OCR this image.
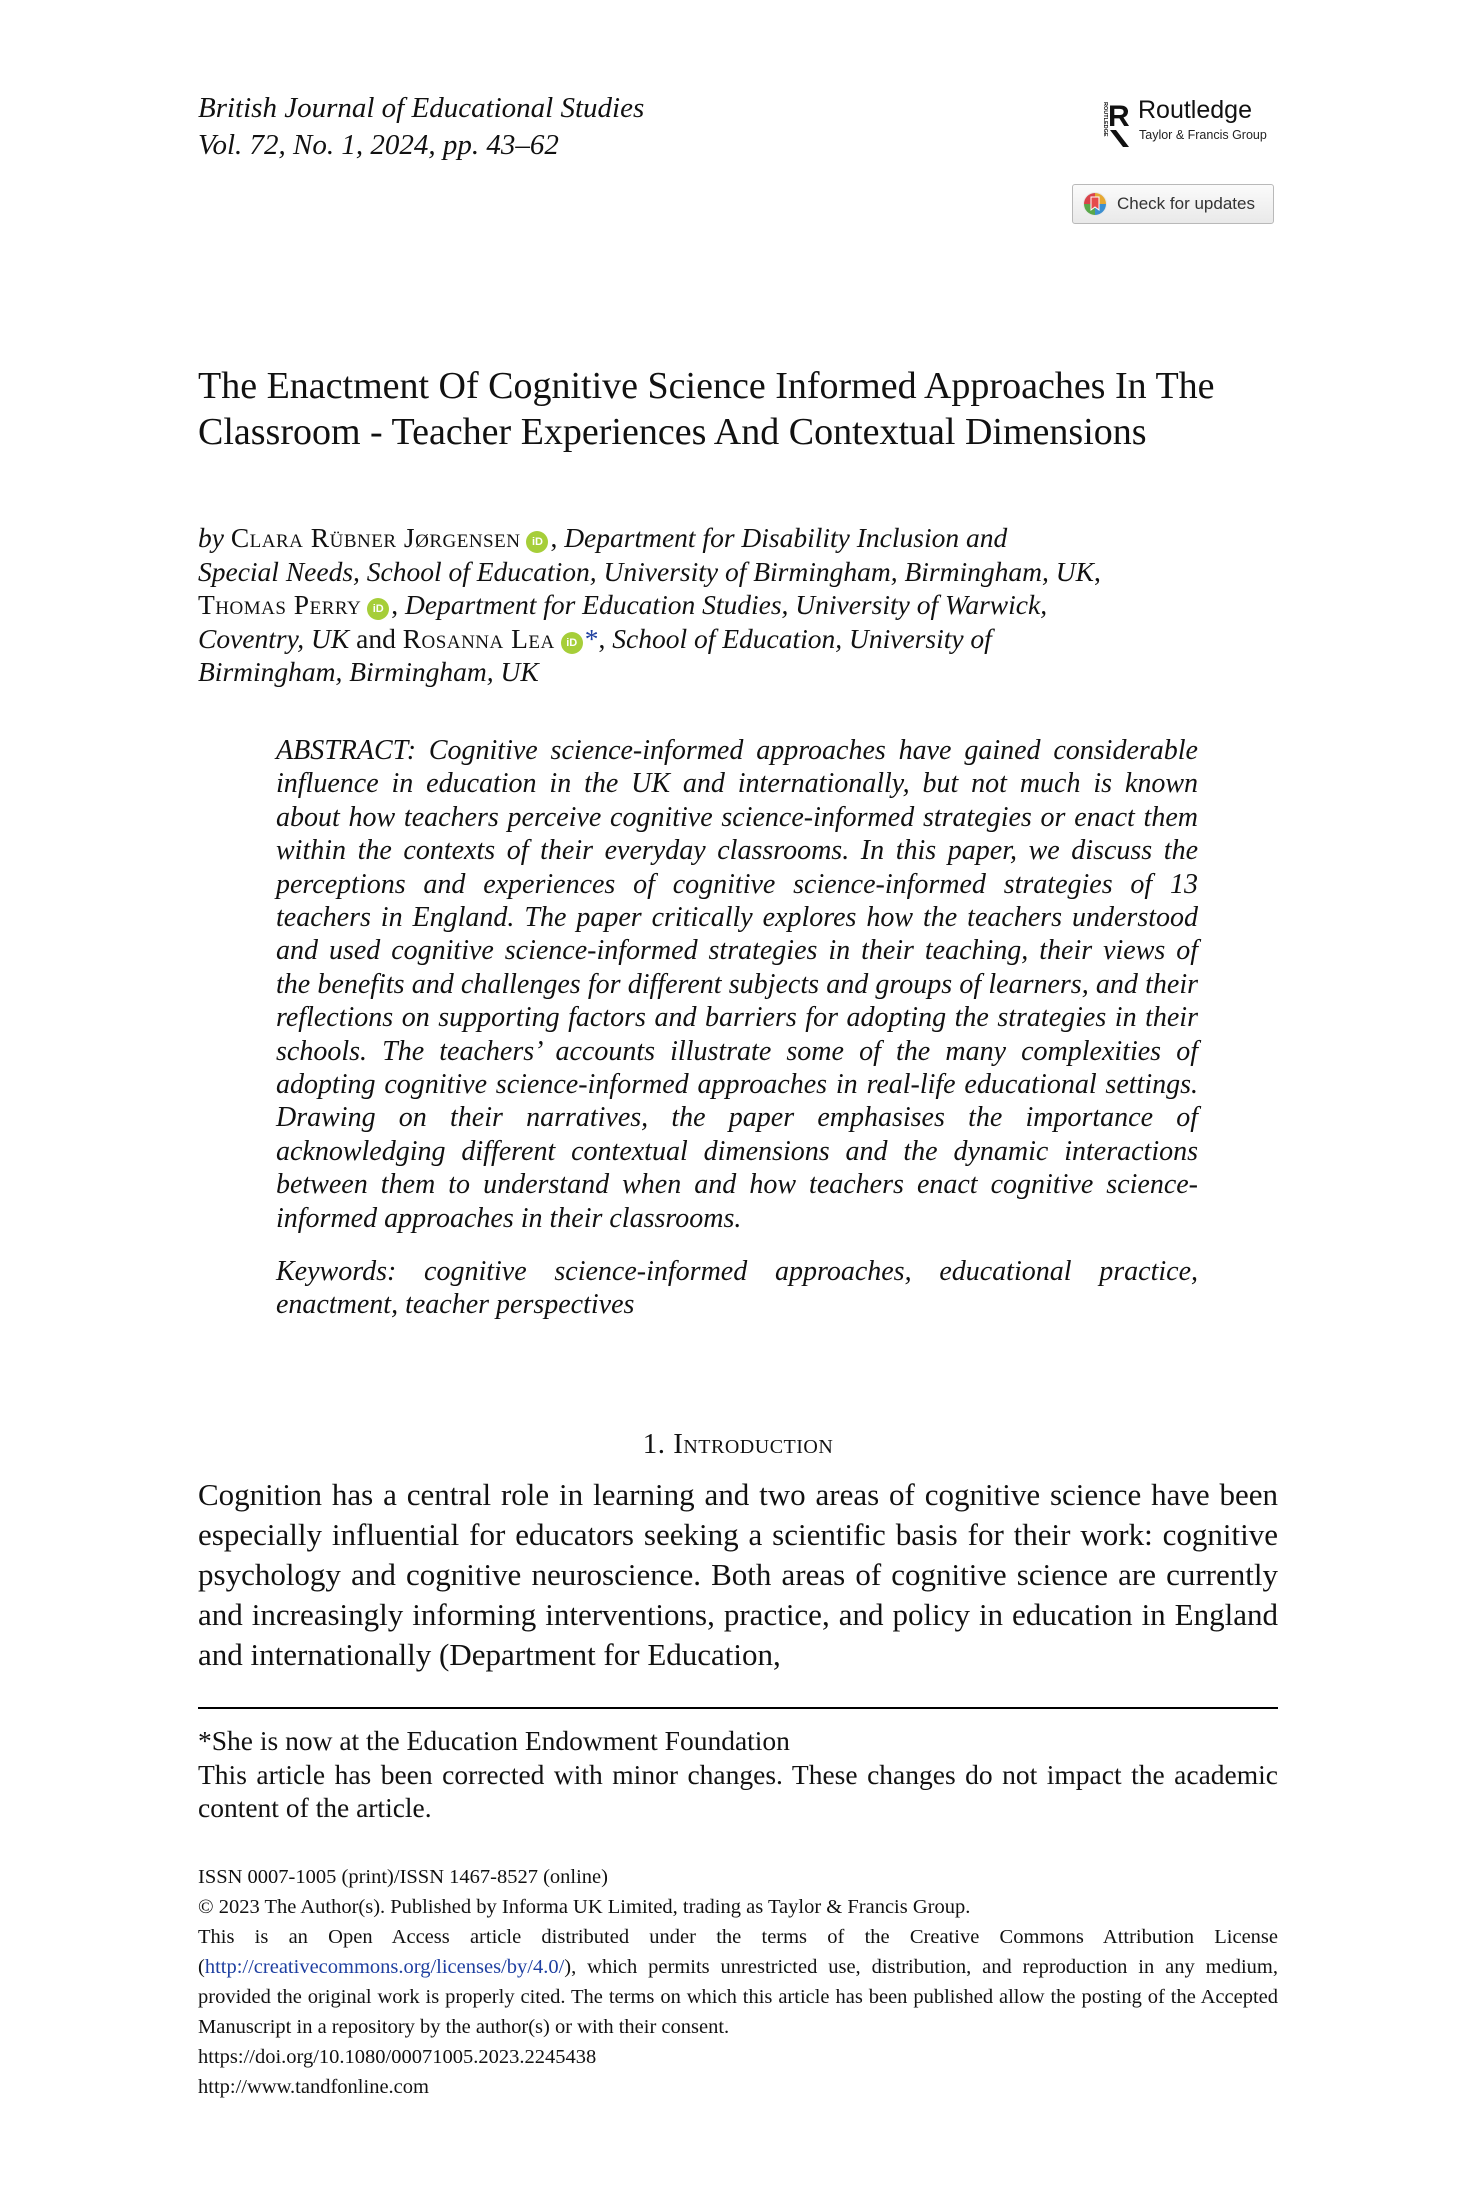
British Journal of Educational Studies
Vol. 72, No. 1, 2024, pp. 43–62
ROUTLEDGE R Routledge
Taylor & Francis Group
Check for updates
The Enactment Of Cognitive Science Informed Approaches In The Classroom - Teacher Experiences And Contextual Dimensions
by Clara Rübner Jørgensen iD , Department for Disability Inclusion and
Special Needs, School of Education, University of Birmingham, Birmingham, UK,
Thomas Perry iD , Department for Education Studies, University of Warwick,
Coventry, UK and Rosanna Lea iD *, School of Education, University of
Birmingham, Birmingham, UK
ABSTRACT: Cognitive science-informed approaches have gained considerable influence in education in the UK and internationally, but not much is known about how teachers perceive cognitive science-informed strategies or enact them within the contexts of their everyday classrooms. In this paper, we discuss the perceptions and experiences of cognitive science-informed strategies of 13 teachers in England. The paper critically explores how the teachers understood and used cognitive science-informed strategies in their teaching, their views of the benefits and challenges for different subjects and groups of learners, and their reflections on supporting factors and barriers for adopting the strategies in their schools. The teachers’ accounts illustrate some of the many complexities of adopting cognitive science-informed approaches in real-life educational settings. Drawing on their narratives, the paper emphasises the importance of acknowledging different contextual dimensions and the dynamic interactions between them to understand when and how teachers enact cognitive science-informed approaches in their classrooms.
Keywords: cognitive science-informed approaches, educational practice, enactment, teacher perspectives
1. Introduction
Cognition has a central role in learning and two areas of cognitive science have been especially influential for educators seeking a scientific basis for their work: cognitive psychology and cognitive neuroscience. Both areas of cognitive science are currently and increasingly informing interventions, practice, and policy in education in England and internationally (Department for Education,

*She is now at the Education Endowment Foundation

This article has been corrected with minor changes. These changes do not impact the academic content of the article.

ISSN 0007-1005 (print)/ISSN 1467-8527 (online)

© 2023 The Author(s). Published by Informa UK Limited, trading as Taylor & Francis Group.

This is an Open Access article distributed under the terms of the Creative Commons Attribution License (http://creativecommons.org/licenses/by/4.0/), which permits unrestricted use, distribution, and reproduction in any medium, provided the original work is properly cited. The terms on which this article has been published allow the posting of the Accepted Manuscript in a repository by the author(s) or with their consent.

https://doi.org/10.1080/00071005.2023.2245438

http://www.tandfonline.com
